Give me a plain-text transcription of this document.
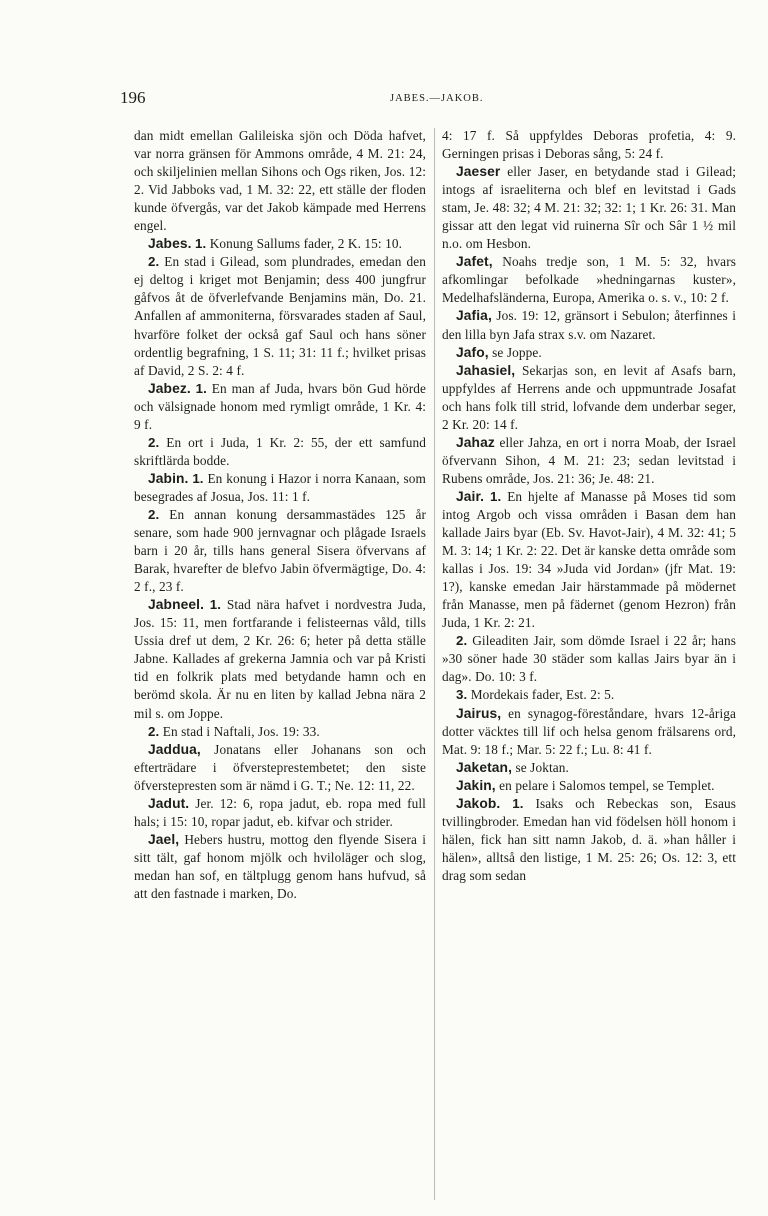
196	JABES.—JAKOB.

dan midt emellan Galileiska sjön och Döda hafvet, var norra gränsen för Ammons område, 4 M. 21: 24, och skiljelinien mellan Sihons och Ogs riken, Jos. 12: 2. Vid Jabboks vad, 1 M. 32: 22, ett ställe der floden kunde öfvergås, var det Jakob kämpade med Herrens engel.

Jabes. 1. Konung Sallums fader, 2 K. 15: 10.

2. En stad i Gilead, som plundrades, emedan den ej deltog i kriget mot Benjamin; dess 400 jungfrur gåfvos åt de öfverlefvande Benjamins män, Do. 21. Anfallen af ammoniterna, försvarades staden af Saul, hvarföre folket der också gaf Saul och hans söner ordentlig begrafning, 1 S. 11; 31: 11 f.; hvilket prisas af David, 2 S. 2: 4 f.

Jabez. 1. En man af Juda, hvars bön Gud hörde och välsignade honom med rymligt område, 1 Kr. 4: 9 f.

2. En ort i Juda, 1 Kr. 2: 55, der ett samfund skriftlärda bodde.

Jabin. 1. En konung i Hazor i norra Kanaan, som besegrades af Josua, Jos. 11: 1 f.

2. En annan konung dersammastädes 125 år senare, som hade 900 jernvagnar och plågade Israels barn i 20 år, tills hans general Sisera öfvervans af Barak, hvarefter de blefvo Jabin öfvermägtige, Do. 4: 2 f., 23 f.

Jabneel. 1. Stad nära hafvet i nordvestra Juda, Jos. 15: 11, men fortfarande i felisteernas våld, tills Ussia dref ut dem, 2 Kr. 26: 6; heter på detta ställe Jabne. Kallades af grekerna Jamnia och var på Kristi tid en folkrik plats med betydande hamn och en berömd skola. Är nu en liten by kallad Jebna nära 2 mil s. om Joppe.

2. En stad i Naftali, Jos. 19: 33.

Jaddua, Jonatans eller Johanans son och efterträdare i öfversteprestembetet; den siste öfverstepresten som är nämd i G. T.; Ne. 12: 11, 22.

Jadut. Jer. 12: 6, ropa jadut, eb. ropa med full hals; i 15: 10, ropar jadut, eb. kifvar och strider.

Jael, Hebers hustru, mottog den flyende Sisera i sitt tält, gaf honom mjölk och hviloläger och slog, medan han sof, en tältplugg genom hans hufvud, så att den fastnade i marken, Do.

4: 17 f. Så uppfyldes Deboras profetia, 4: 9. Gerningen prisas i Deboras sång, 5: 24 f.

Jaeser eller Jaser, en betydande stad i Gilead; intogs af israeliterna och blef en levitstad i Gads stam, Je. 48: 32; 4 M. 21: 32; 32: 1; 1 Kr. 26: 31. Man gissar att den legat vid ruinerna Sîr och Sâr 1 ½ mil n.o. om Hesbon.

Jafet, Noahs tredje son, 1 M. 5: 32, hvars afkomlingar befolkade »hedningarnas kuster», Medelhafsländerna, Europa, Amerika o. s. v., 10: 2 f.

Jafia, Jos. 19: 12, gränsort i Sebulon; återfinnes i den lilla byn Jafa strax s.v. om Nazaret.

Jafo, se Joppe.

Jahasiel, Sekarjas son, en levit af Asafs barn, uppfyldes af Herrens ande och uppmuntrade Josafat och hans folk till strid, lofvande dem underbar seger, 2 Kr. 20: 14 f.

Jahaz eller Jahza, en ort i norra Moab, der Israel öfvervann Sihon, 4 M. 21: 23; sedan levitstad i Rubens område, Jos. 21: 36; Je. 48: 21.

Jair. 1. En hjelte af Manasse på Moses tid som intog Argob och vissa områden i Basan dem han kallade Jairs byar (Eb. Sv. Havot-Jair), 4 M. 32: 41; 5 M. 3: 14; 1 Kr. 2: 22. Det är kanske detta område som kallas i Jos. 19: 34 »Juda vid Jordan» (jfr Mat. 19: 1?), kanske emedan Jair härstammade på mödernet från Manasse, men på fädernet (genom Hezron) från Juda, 1 Kr. 2: 21.

2. Gileaditen Jair, som dömde Israel i 22 år; hans »30 söner hade 30 städer som kallas Jairs byar än i dag». Do. 10: 3 f.

3. Mordekais fader, Est. 2: 5.

Jairus, en synagog-föreståndare, hvars 12-åriga dotter väcktes till lif och helsa genom frälsarens ord, Mat. 9: 18 f.; Mar. 5: 22 f.; Lu. 8: 41 f.

Jaketan, se Joktan.

Jakin, en pelare i Salomos tempel, se Templet.

Jakob. 1. Isaks och Rebeckas son, Esaus tvillingbroder. Emedan han vid födelsen höll honom i hälen, fick han sitt namn Jakob, d. ä. »han håller i hälen», alltså den listige, 1 M. 25: 26; Os. 12: 3, ett drag som sedan
